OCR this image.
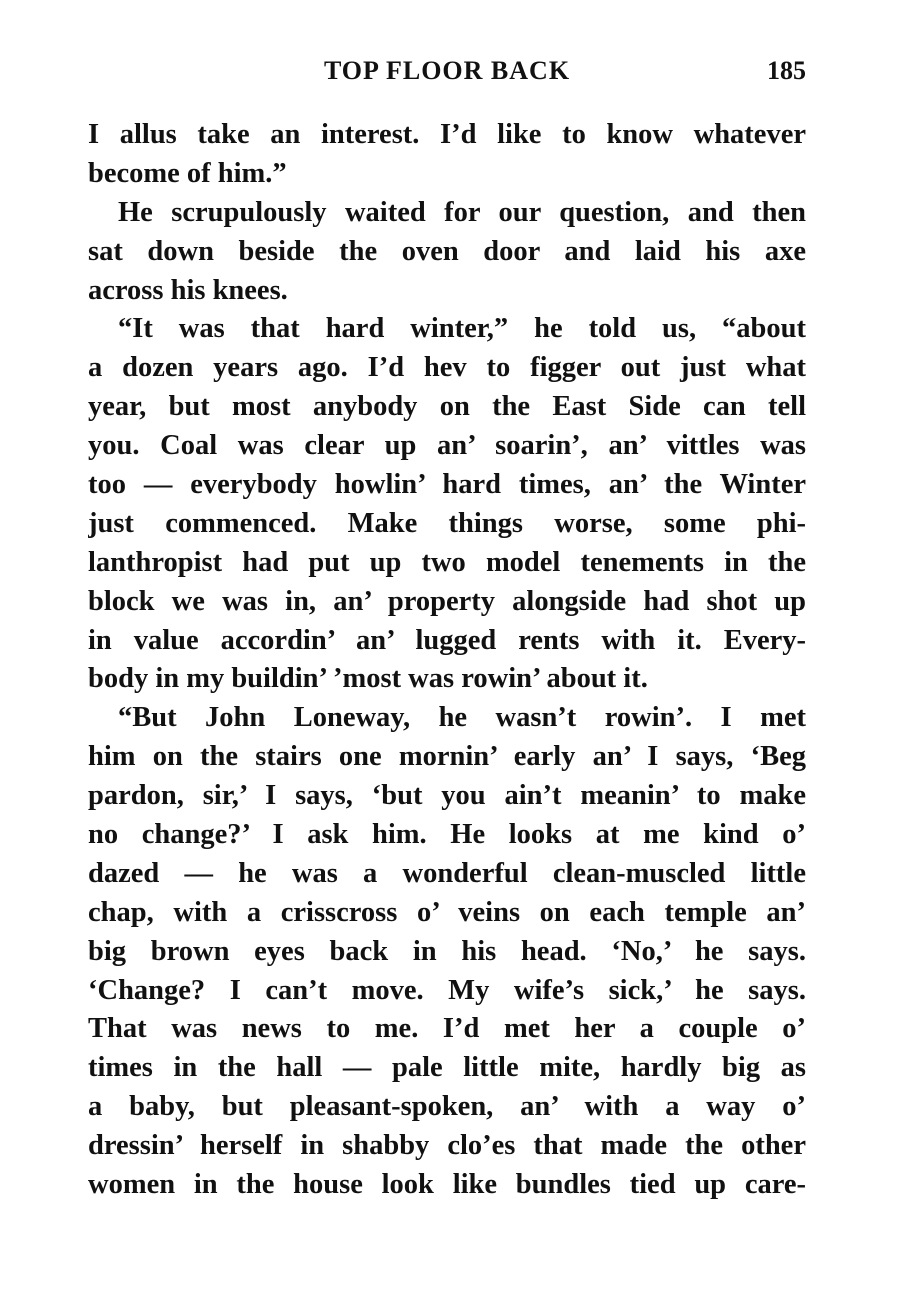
TOP FLOOR BACK	185
I allus take an interest. I’d like to know whatever
become of him.”
He scrupulously waited for our question, and then
sat down beside the oven door and laid his axe
across his knees.
“It was that hard winter,” he told us, “about
a dozen years ago. I’d hev to figger out just what
year, but most anybody on the East Side can tell
you. Coal was clear up an’ soarin’, an’ vittles was
too — everybody howlin’ hard times, an’ the Winter
just commenced. Make things worse, some phi-
lanthropist had put up two model tenements in the
block we was in, an’ property alongside had shot up
in value accordin’ an’ lugged rents with it. Every-
body in my buildin’ ’most was rowin’ about it.
“But John Loneway, he wasn’t rowin’. I met
him on the stairs one mornin’ early an’ I says, ‘Beg
pardon, sir,’ I says, ‘but you ain’t meanin’ to make
no change?’ I ask him. He looks at me kind o’
dazed — he was a wonderful clean-muscled little
chap, with a crisscross o’ veins on each temple an’
big brown eyes back in his head. ‘No,’ he says.
‘Change? I can’t move. My wife’s sick,’ he says.
That was news to me. I’d met her a couple o’
times in the hall — pale little mite, hardly big as
a baby, but pleasant-spoken, an’ with a way o’
dressin’ herself in shabby clo’es that made the other
women in the house look like bundles tied up care-
